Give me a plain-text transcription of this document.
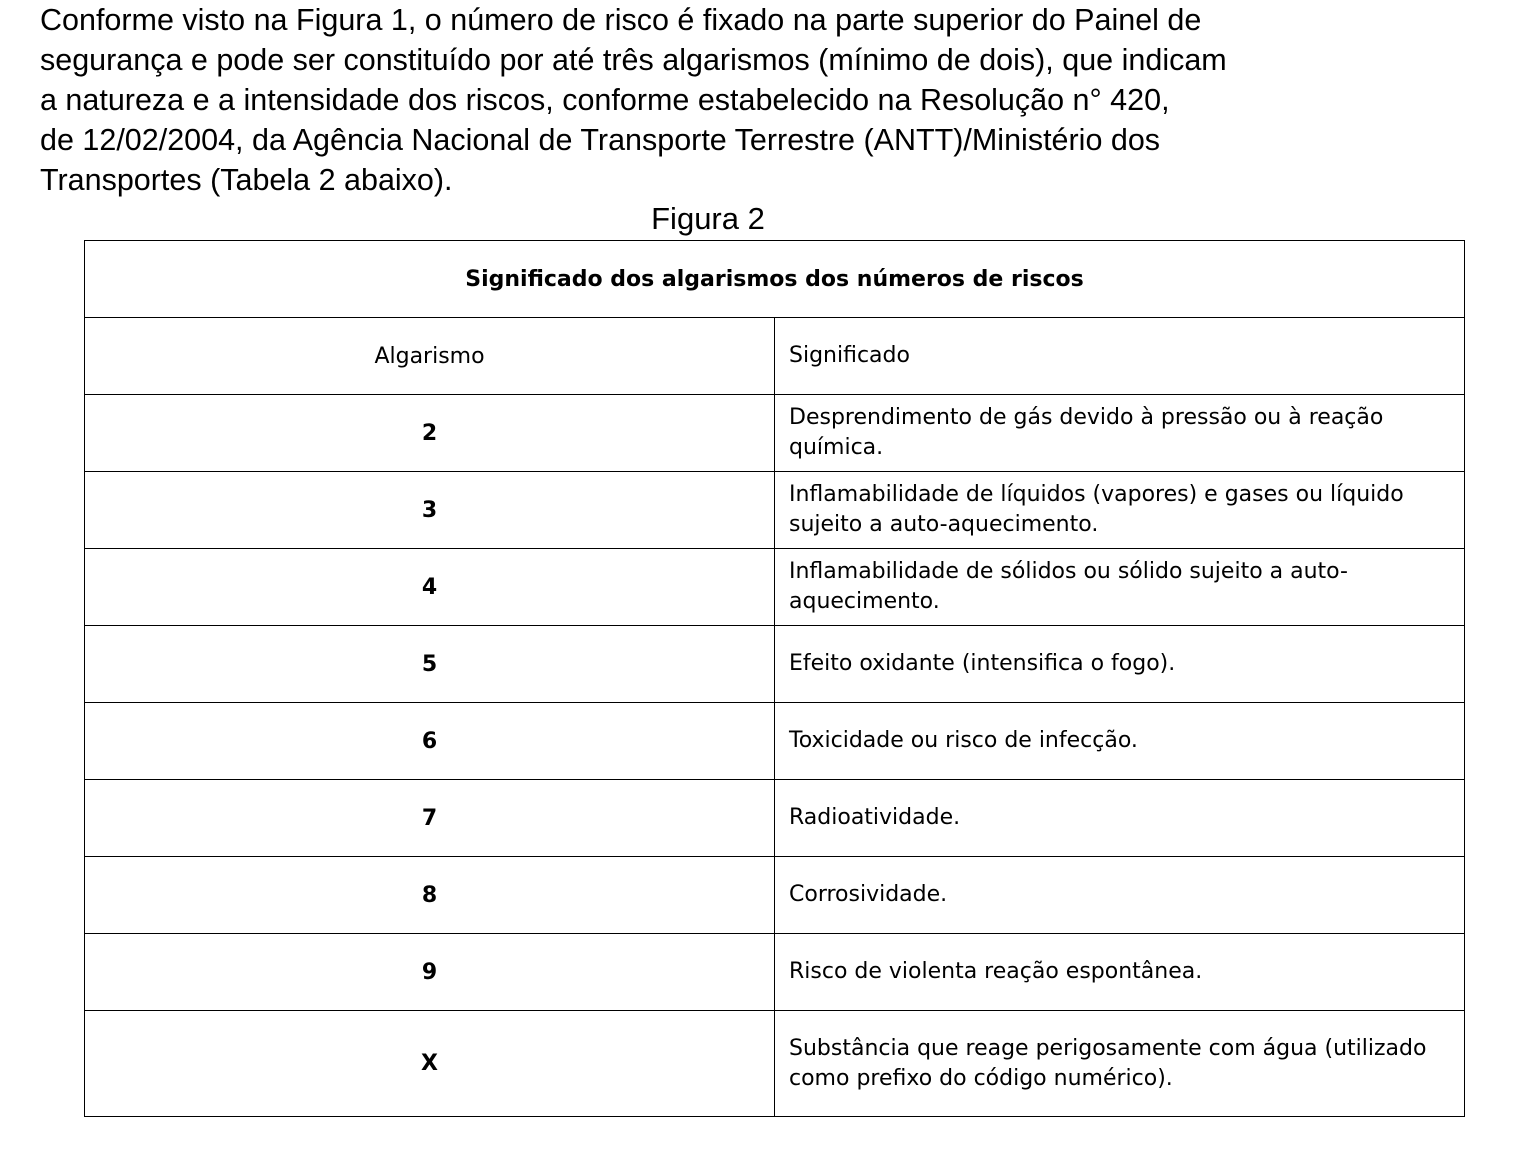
Conforme visto na Figura 1, o número de risco é fixado na parte superior do Painel de
segurança e pode ser constituído por até três algarismos (mínimo de dois), que indicam
a natureza e a intensidade dos riscos, conforme estabelecido na Resolução n° 420,
de 12/02/2004, da Agência Nacional de Transporte Terrestre (ANTT)/Ministério dos
Transportes (Tabela 2 abaixo).

Figura 2
Significado dos algarismos dos números de riscos	
Algarismo	Significado
2	Desprendimento de gás devido à pressão ou à reação química.
3	Inflamabilidade de líquidos (vapores) e gases ou líquido sujeito a auto-aquecimento.
4	Inflamabilidade de sólidos ou sólido sujeito a auto-aquecimento.
5	Efeito oxidante (intensifica o fogo).
6	Toxicidade ou risco de infecção.
7	Radioatividade.
8	Corrosividade.
9	Risco de violenta reação espontânea.
X	Substância que reage perigosamente com água (utilizado como prefixo do código numérico).
